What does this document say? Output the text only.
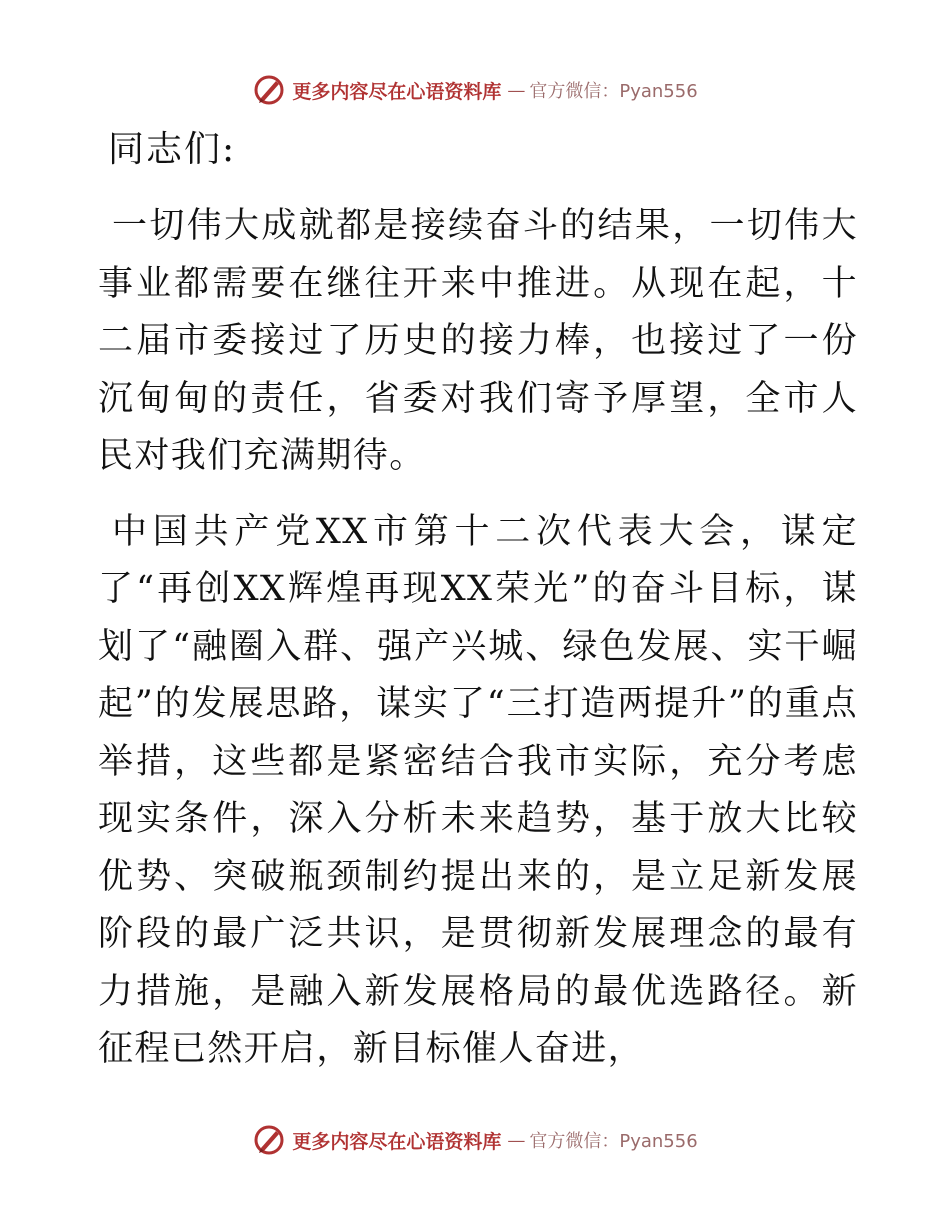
更多内容尽在心语资料库 — 官方微信：Pyan556
同志们:

一切伟大成就都是接续奋斗的结果，一切伟大事业都需要在继往开来中推进。从现在起，十二届市委接过了历史的接力棒，也接过了一份沉甸甸的责任，省委对我们寄予厚望，全市人民对我们充满期待。

中国共产党XX市第十二次代表大会，谋定了“再创XX辉煌再现XX荣光”的奋斗目标，谋划了“融圈入群、强产兴城、绿色发展、实干崛起”的发展思路，谋实了“三打造两提升”的重点举措，这些都是紧密结合我市实际，充分考虑现实条件，深入分析未来趋势，基于放大比较优势、突破瓶颈制约提出来的，是立足新发展阶段的最广泛共识，是贯彻新发展理念的最有力措施，是融入新发展格局的最优选路径。新征程已然开启，新目标催人奋进，

更多内容尽在心语资料库 — 官方微信：Pyan556
